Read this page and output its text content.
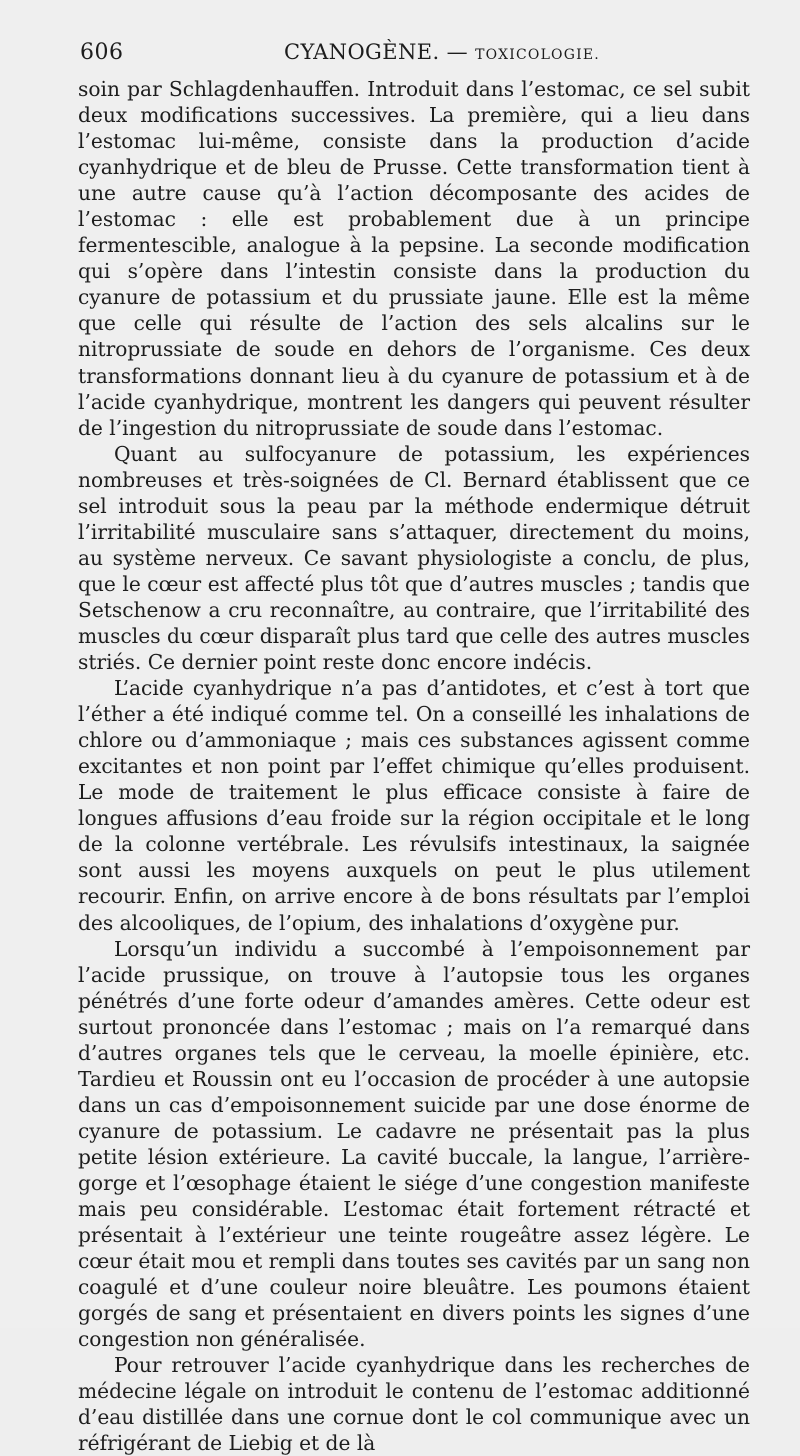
606	CYANOGÈNE. — TOXICOLOGIE.

soin par Schlagdenhauffen. Introduit dans l’estomac, ce sel subit deux modifications successives. La première, qui a lieu dans l’estomac lui-même, consiste dans la production d’acide cyanhydrique et de bleu de Prusse. Cette transformation tient à une autre cause qu’à l’action décomposante des acides de l’estomac : elle est probablement due à un principe fermentescible, analogue à la pepsine. La seconde modification qui s’opère dans l’intestin consiste dans la production du cyanure de potassium et du prussiate jaune. Elle est la même que celle qui résulte de l’action des sels alcalins sur le nitroprussiate de soude en dehors de l’organisme. Ces deux transformations donnant lieu à du cyanure de potassium et à de l’acide cyanhydrique, montrent les dangers qui peuvent résulter de l’ingestion du nitroprussiate de soude dans l’estomac.

Quant au sulfocyanure de potassium, les expériences nombreuses et très-soignées de Cl. Bernard établissent que ce sel introduit sous la peau par la méthode endermique détruit l’irritabilité musculaire sans s’attaquer, directement du moins, au système nerveux. Ce savant physiologiste a conclu, de plus, que le cœur est affecté plus tôt que d’autres muscles ; tandis que Setschenow a cru reconnaître, au contraire, que l’irritabilité des muscles du cœur disparaît plus tard que celle des autres muscles striés. Ce dernier point reste donc encore indécis.

L’acide cyanhydrique n’a pas d’antidotes, et c’est à tort que l’éther a été indiqué comme tel. On a conseillé les inhalations de chlore ou d’ammoniaque ; mais ces substances agissent comme excitantes et non point par l’effet chimique qu’elles produisent. Le mode de traitement le plus efficace consiste à faire de longues affusions d’eau froide sur la région occipitale et le long de la colonne vertébrale. Les révulsifs intestinaux, la saignée sont aussi les moyens auxquels on peut le plus utilement recourir. Enfin, on arrive encore à de bons résultats par l’emploi des alcooliques, de l’opium, des inhalations d’oxygène pur.

Lorsqu’un individu a succombé à l’empoisonnement par l’acide prussique, on trouve à l’autopsie tous les organes pénétrés d’une forte odeur d’amandes amères. Cette odeur est surtout prononcée dans l’estomac ; mais on l’a remarqué dans d’autres organes tels que le cerveau, la moelle épinière, etc. Tardieu et Roussin ont eu l’occasion de procéder à une autopsie dans un cas d’empoisonnement suicide par une dose énorme de cyanure de potassium. Le cadavre ne présentait pas la plus petite lésion extérieure. La cavité buccale, la langue, l’arrière-gorge et l’œsophage étaient le siége d’une congestion manifeste mais peu considérable. L’estomac était fortement rétracté et présentait à l’extérieur une teinte rougeâtre assez légère. Le cœur était mou et rempli dans toutes ses cavités par un sang non coagulé et d’une couleur noire bleuâtre. Les poumons étaient gorgés de sang et présentaient en divers points les signes d’une congestion non généralisée.

Pour retrouver l’acide cyanhydrique dans les recherches de médecine légale on introduit le contenu de l’estomac additionné d’eau distillée dans une cornue dont le col communique avec un réfrigérant de Liebig et de là
